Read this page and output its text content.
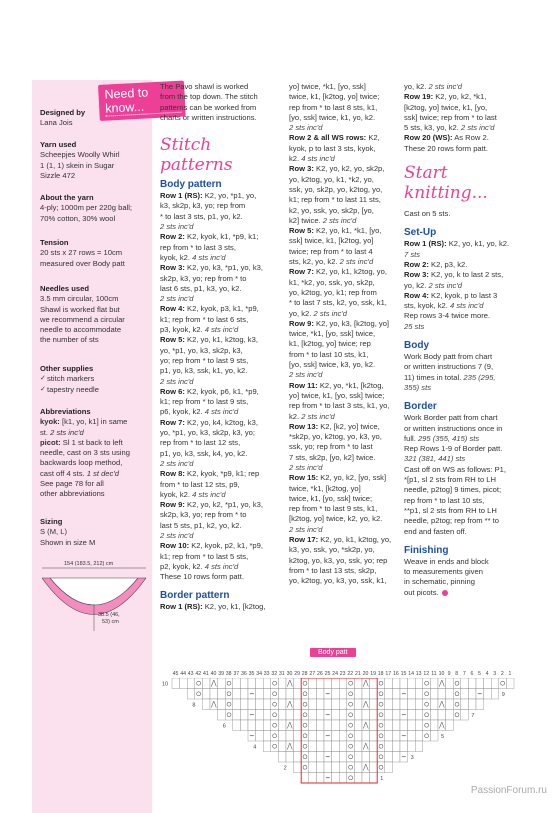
Need to know...
Designed by
Lana Jois
Yarn used
Scheepjes Woolly Whirl
1 (1, 1) skein in Sugar
Sizzle 472
About the yarn
4-ply; 1000m per 220g ball;
70% cotton, 30% wool
Tension
20 sts x 27 rows = 10cm
measured over Body patt
Needles used
3.5 mm circular, 100cm
Shawl is worked flat but
we recommend a circular
needle to accommodate
the number of sts
Other supplies
✓ stitch markers
✓ tapestry needle
Abbreviations
kyok: [k1, yo, k1] in same
st. 2 sts inc'd
picot: Sl 1 st back to left
needle, cast on 3 sts using
backwards loop method,
cast off 4 sts. 1 st dec'd
See page 78 for all
other abbreviations
Sizing
S (M, L)
Shown in size M
154 (183.5, 212) cm
38.5 (46,
53) cm
The Pavo shawl is worked
from the top down. The stitch
patterns can be worked from
charts or written instructions.
Stitch patterns
Body pattern
Row 1 (RS): K2, yo, *p1, yo,
k3, sk2p, k3, yo; rep from
* to last 3 sts, p1, yo, k2.
2 sts inc'd
Row 2: K2, kyok, k1, *p9, k1;
rep from * to last 3 sts,
kyok, k2. 4 sts inc'd
Row 3: K2, yo, k3, *p1, yo, k3,
sk2p, k3, yo; rep from * to
last 6 sts, p1, k3, yo, k2.
2 sts inc'd
Row 4: K2, kyok, p3, k1, *p9,
k1; rep from * to last 6 sts,
p3, kyok, k2. 4 sts inc'd
Row 5: K2, yo, k1, k2tog, k3,
yo, *p1, yo, k3, sk2p, k3,
yo; rep from * to last 9 sts,
p1, yo, k3, ssk, k1, yo, k2.
2 sts inc'd
Row 6: K2, kyok, p6, k1, *p9,
k1; rep from * to last 9 sts,
p6, kyok, k2. 4 sts inc'd
Row 7: K2, yo, k4, k2tog, k3,
yo, *p1, yo, k3, sk2p, k3, yo;
rep from * to last 12 sts,
p1, yo, k3, ssk, k4, yo, k2.
2 sts inc'd
Row 8: K2, kyok, *p9, k1; rep
from * to last 12 sts, p9,
kyok, k2. 4 sts inc'd
Row 9: K2, yo, k2, *p1, yo, k3,
sk2p, k3, yo; rep from * to
last 5 sts, p1, k2, yo, k2.
2 sts inc'd
Row 10: K2, kyok, p2, k1, *p9,
k1; rep from * to last 5 sts,
p2, kyok, k2. 4 sts inc'd
These 10 rows form patt.
Border pattern
Row 1 (RS): K2, yo, k1, [k2tog,
yo] twice, *k1, [yo, ssk]
twice, k1, [k2tog, yo] twice;
rep from * to last 8 sts, k1,
[yo, ssk] twice, k1, yo, k2.
2 sts inc'd
Row 2 & all WS rows: K2,
kyok, p to last 3 sts, kyok,
k2. 4 sts inc'd
Row 3: K2, yo, k2, yo, sk2p,
yo, k2tog, yo, k1, *k2, yo,
ssk, yo, sk2p, yo, k2tog, yo,
k1; rep from * to last 11 sts,
k2, yo, ssk, yo, sk2p, [yo,
k2] twice. 2 sts inc'd
Row 5: K2, yo, k1, *k1, [yo,
ssk] twice, k1, [k2tog, yo]
twice; rep from * to last 4
sts, k2, yo, k2. 2 sts inc'd
Row 7: K2, yo, k1, k2tog, yo,
k1, *k2, yo, ssk, yo, sk2p,
yo, k2tog, yo, k1; rep from
* to last 7 sts, k2, yo, ssk, k1,
yo, k2. 2 sts inc'd
Row 9: K2, yo, k3, [k2tog, yo]
twice, *k1, [yo, ssk] twice,
k1, [k2tog, yo] twice; rep
from * to last 10 sts, k1,
[yo, ssk] twice, k3, yo, k2.
2 sts inc'd
Row 11: K2, yo, *k1, [k2tog,
yo] twice, k1, [yo, ssk] twice;
rep from * to last 3 sts, k1, yo,
k2. 2 sts inc'd
Row 13: K2, [k2, yo] twice,
*sk2p, yo, k2tog, yo, k3, yo,
ssk, yo; rep from * to last
7 sts, sk2p, [yo, k2] twice.
2 sts inc'd
Row 15: K2, yo, k2, [yo, ssk]
twice, *k1, [k2tog, yo]
twice, k1, [yo, ssk] twice;
rep from * to last 9 sts, k1,
[k2tog, yo] twice, k2, yo, k2.
2 sts inc'd
Row 17: K2, yo, k1, k2tog, yo,
k3, yo, ssk, yo, *sk2p, yo,
k2tog, yo, k3, yo, ssk, yo; rep
from * to last 13 sts, sk2p,
yo, k2tog, yo, k3, yo, ssk, k1,
yo, k2. 2 sts inc'd
Row 19: K2, yo, k2, *k1,
[k2tog, yo] twice, k1, [yo,
ssk] twice; rep from * to last
5 sts, k3, yo, k2. 2 sts inc'd
Row 20 (WS): As Row 2.
These 20 rows form patt.
Start knitting...
Cast on 5 sts.
Set-Up
Row 1 (RS): K2, yo, k1, yo, k2.
7 sts
Row 2: K2, p3, k2.
Row 3: K2, yo, k to last 2 sts,
yo, k2. 2 sts inc'd
Row 4: K2, kyok, p to last 3
sts, kyok, k2. 4 sts inc'd
Rep rows 3-4 twice more.
25 sts
Body
Work Body patt from chart
or written instructions 7 (9,
11) times in total. 235 (295,
355) sts
Border
Work Border patt from chart
or written instructions once in
full. 295 (355, 415) sts
Rep Rows 1-9 of Border patt.
321 (381, 441) sts
Cast off on WS as follows: P1,
*[p1, sl 2 sts from RH to LH
needle, p2tog] 9 times, picot;
rep from * to last 10 sts,
**p1, sl 2 sts from RH to LH
needle, p2tog; rep from ** to
end and fasten off.
Finishing
Weave in ends and block
to measurements given
in schematic, pinning
out picots.
Body patt
45 44 43 42 41 40 39 38 37 36 35 34 33 32 31 30 29 28 27 26 25 24 23 22 21 20 19 18 17 16 15 14 13 12 11 10 9 8 7 6 5 4 3 2 1
10
9
8
7
6
5
4
3
2
1
PassionForum.ru
